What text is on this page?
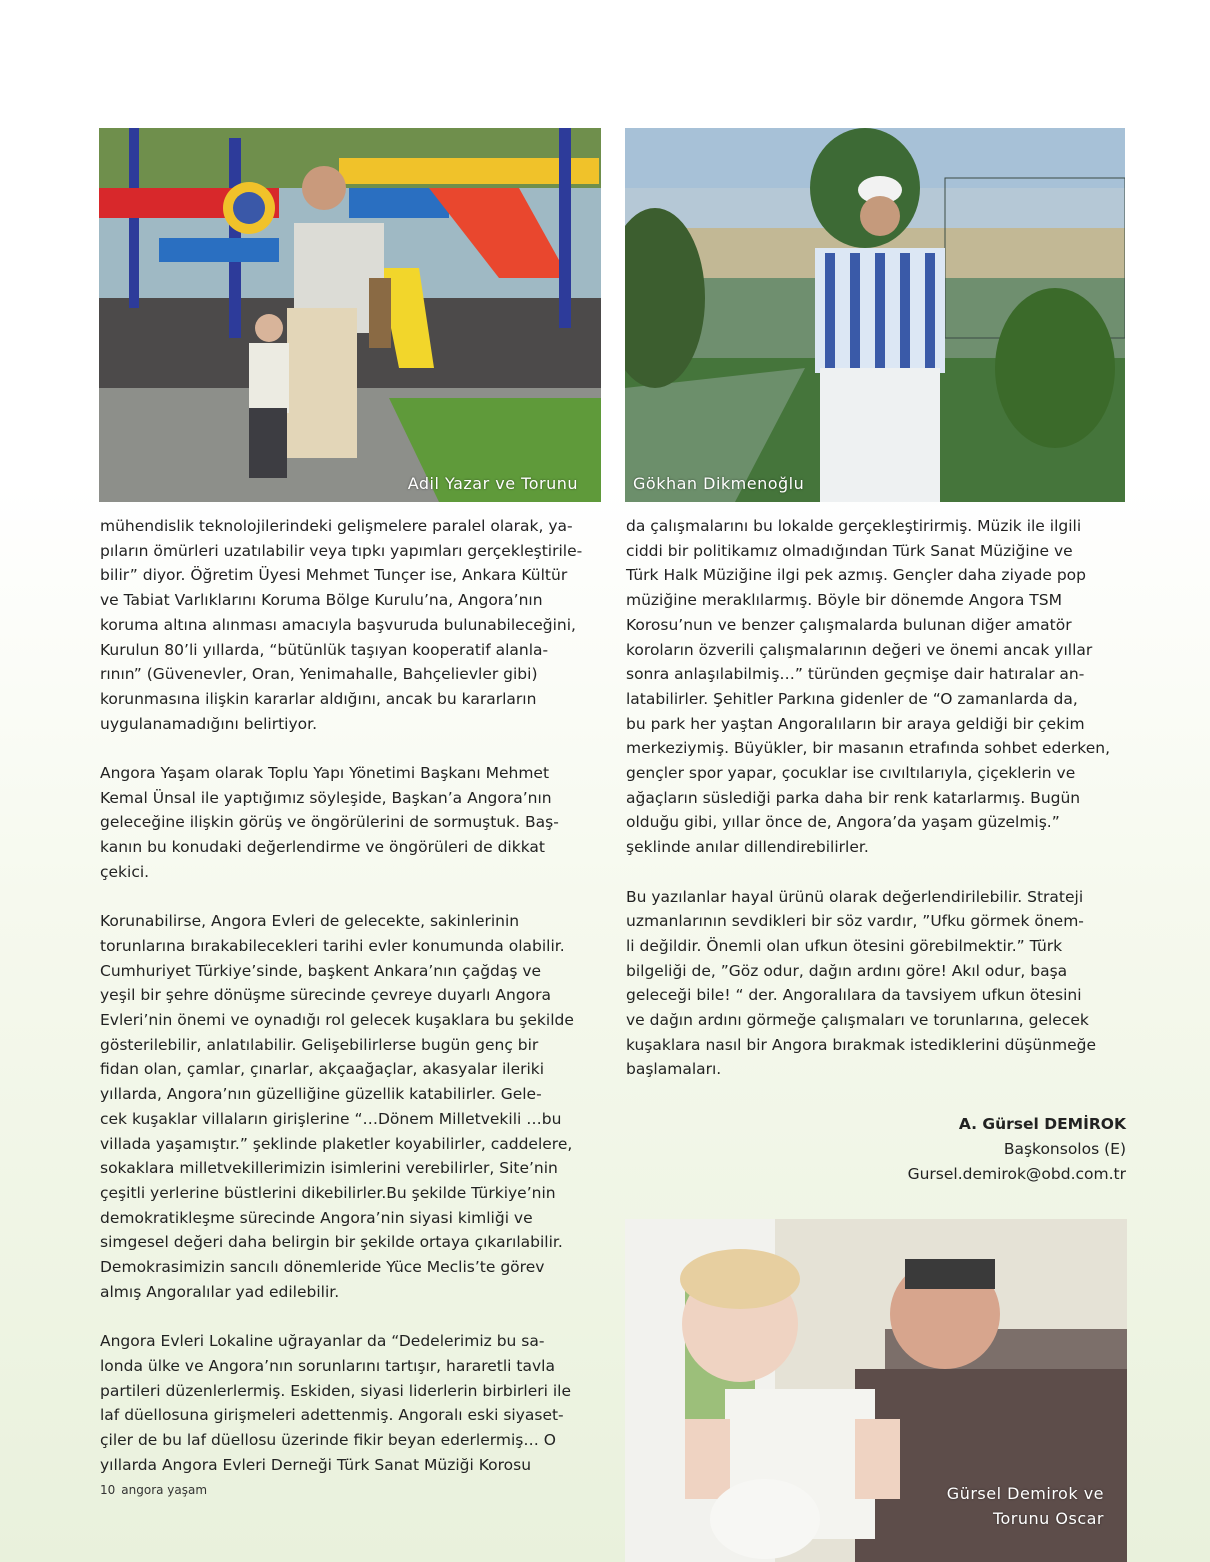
Adil Yazar ve Torunu	Gökhan Dikmenoğlu

mühendislik teknolojilerindeki gelişmelere paralel olarak, ya-
pıların ömürleri uzatılabilir veya tıpkı yapımları gerçekleştirile-
bilir” diyor. Öğretim Üyesi Mehmet Tunçer ise, Ankara Kültür
ve Tabiat Varlıklarını Koruma Bölge Kurulu’na, Angora’nın
koruma altına alınması amacıyla başvuruda bulunabileceğini,
Kurulun 80’li yıllarda, “bütünlük taşıyan kooperatif alanla-
rının” (Güvenevler, Oran, Yenimahalle, Bahçelievler gibi)
korunmasına ilişkin kararlar aldığını, ancak bu kararların
uygulanamadığını belirtiyor.

Angora Yaşam olarak Toplu Yapı Yönetimi Başkanı Mehmet
Kemal Ünsal ile yaptığımız söyleşide, Başkan’a Angora’nın
geleceğine ilişkin görüş ve öngörülerini de sormuştuk. Baş-
kanın bu konudaki değerlendirme ve öngörüleri de dikkat
çekici.

Korunabilirse, Angora Evleri de gelecekte, sakinlerinin
torunlarına bırakabilecekleri tarihi evler konumunda olabilir.
Cumhuriyet Türkiye’sinde, başkent Ankara’nın çağdaş ve
yeşil bir şehre dönüşme sürecinde çevreye duyarlı Angora
Evleri’nin önemi ve oynadığı rol gelecek kuşaklara bu şekilde
gösterilebilir, anlatılabilir. Gelişebilirlerse bugün genç bir
fidan olan, çamlar, çınarlar, akçaağaçlar, akasyalar ileriki
yıllarda, Angora’nın güzelliğine güzellik katabilirler. Gele-
cek kuşaklar villaların girişlerine “…Dönem Milletvekili …bu
villada yaşamıştır.” şeklinde plaketler koyabilirler, caddelere,
sokaklara milletvekillerimizin isimlerini verebilirler, Site’nin
çeşitli yerlerine büstlerini dikebilirler.Bu şekilde Türkiye’nin
demokratikleşme sürecinde Angora’nin siyasi kimliği ve
simgesel değeri daha belirgin bir şekilde ortaya çıkarılabilir.
Demokrasimizin sancılı dönemleride Yüce Meclis’te görev
almış Angoralılar yad edilebilir.

Angora Evleri Lokaline uğrayanlar da “Dedelerimiz bu sa-
londa ülke ve Angora’nın sorunlarını tartışır, hararetli tavla
partileri düzenlerlermiş. Eskiden, siyasi liderlerin birbirleri ile
laf düellosuna girişmeleri adettenmiş. Angoralı eski siyaset-
çiler de bu laf düellosu üzerinde fikir beyan ederlermiş… O
yıllarda Angora Evleri Derneği Türk Sanat Müziği Korosu

da çalışmalarını bu lokalde gerçekleştirirmiş. Müzik ile ilgili
ciddi bir politikamız olmadığından Türk Sanat Müziğine ve
Türk Halk Müziğine ilgi pek azmış. Gençler daha ziyade pop
müziğine meraklılarmış. Böyle bir dönemde Angora TSM
Korosu’nun ve benzer çalışmalarda bulunan diğer amatör
koroların özverili çalışmalarının değeri ve önemi ancak yıllar
sonra anlaşılabilmiş…” türünden geçmişe dair hatıralar an-
latabilirler. Şehitler Parkına gidenler de “O zamanlarda da,
bu park her yaştan Angoralıların bir araya geldiği bir çekim
merkeziymiş. Büyükler, bir masanın etrafında sohbet ederken,
gençler spor yapar, çocuklar ise cıvıltılarıyla, çiçeklerin ve
ağaçların süslediği parka daha bir renk katarlarmış. Bugün
olduğu gibi, yıllar önce de, Angora’da yaşam güzelmiş.”
şeklinde anılar dillendirebilirler.

Bu yazılanlar hayal ürünü olarak değerlendirilebilir. Strateji
uzmanlarının sevdikleri bir söz vardır, ”Ufku görmek önem-
li değildir. Önemli olan ufkun ötesini görebilmektir.” Türk
bilgeliği de, ”Göz odur, dağın ardını göre! Akıl odur, başa
geleceği bile! “ der. Angoralılara da tavsiyem ufkun ötesini
ve dağın ardını görmeğe çalışmaları ve torunlarına, gelecek
kuşaklara nasıl bir Angora bırakmak istediklerini düşünmeğe
başlamaları.

A. Gürsel DEMİROK
Başkonsolos (E)
Gursel.demirok@obd.com.tr
Gürsel Demirok ve
Torunu Oscar
10 angora yaşam
